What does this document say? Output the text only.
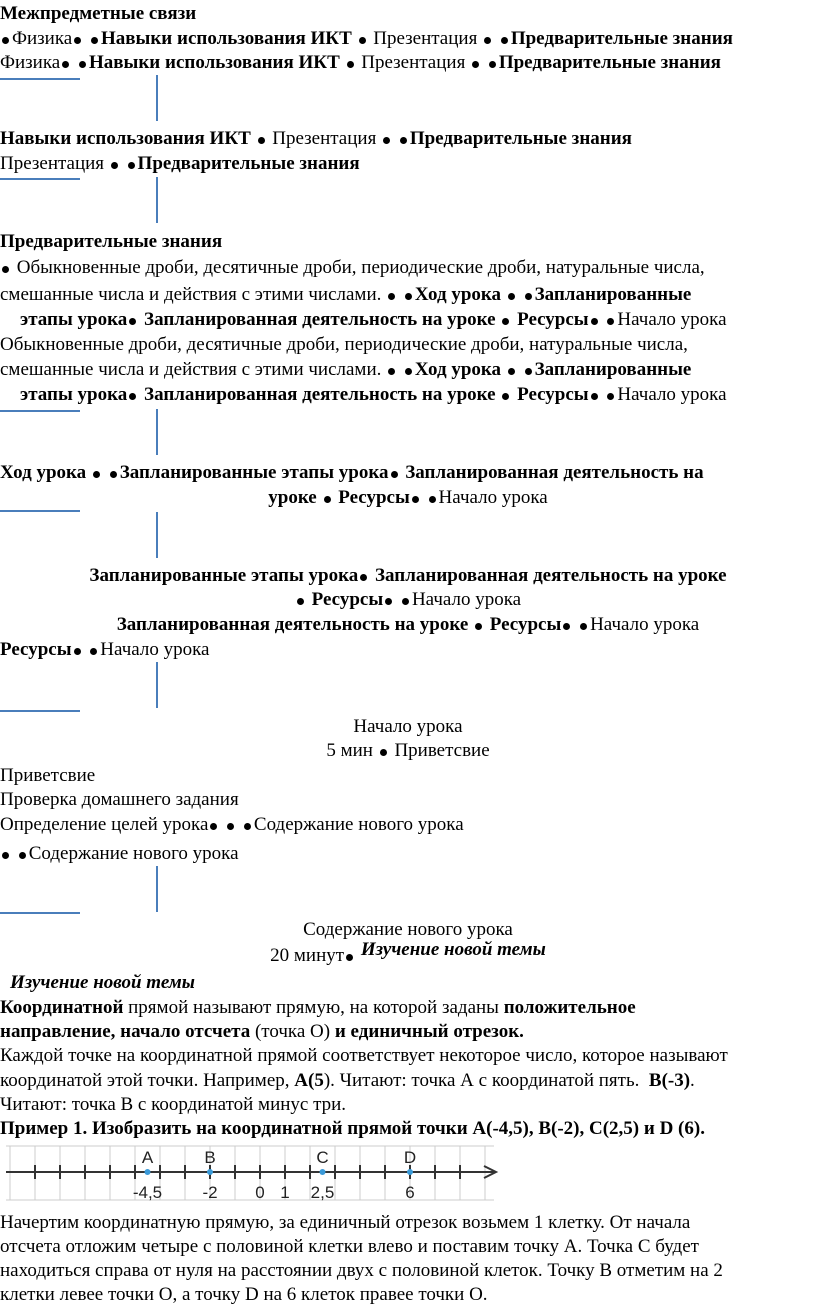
Межпредметные связи
Физика Навыки использования ИКТ Презентация Предварительные знания
Физика Навыки использования ИКТ Презентация Предварительные знания
Навыки использования ИКТ Презентация Предварительные знания
Презентация Предварительные знания
Предварительные знания
Обыкновенные дроби, десятичные дроби, периодические дроби, натуральные числа,
смешанные числа и действия с этими числами. Ход урока Запланированные
этапы урока Запланированная деятельность на уроке Ресурсы Начало урока
Обыкновенные дроби, десятичные дроби, периодические дроби, натуральные числа,
смешанные числа и действия с этими числами. Ход урока Запланированные
этапы урока Запланированная деятельность на уроке Ресурсы Начало урока
Ход урока Запланированные этапы урока Запланированная деятельность на
уроке Ресурсы Начало урока
Запланированные этапы урока Запланированная деятельность на уроке
Ресурсы Начало урока
Запланированная деятельность на уроке Ресурсы Начало урока
Ресурсы Начало урока
Начало урока
5 мин Приветсвие
Приветсвие
Проверка домашнего задания
Определение целей урока Содержание нового урока
Содержание нового урока
Содержание нового урока
20 минут Изучение новой темы
Изучение новой темы
Координатной прямой называют прямую, на которой заданы положительное
направление, начало отсчета (точка О) и единичный отрезок.
Каждой точке на координатной прямой соответствует некоторое число, которое называют
координатой этой точки. Например, А(5). Читают: точка А с координатой пять.  В(-3).
Читают: точка В с координатой минус три.
Пример 1. Изобразить на координатной прямой точки А(-4,5), В(-2), С(2,5) и D (6).
A	B	C	D
-4,5 -2 0 1 2,5	6
Начертим координатную прямую, за единичный отрезок возьмем 1 клетку. От начала
отсчета отложим четыре с половиной клетки влево и поставим точку А. Точка С будет
находиться справа от нуля на расстоянии двух с половиной клеток. Точку В отметим на 2
клетки левее точки О, а точку D на 6 клеток правее точки О.
